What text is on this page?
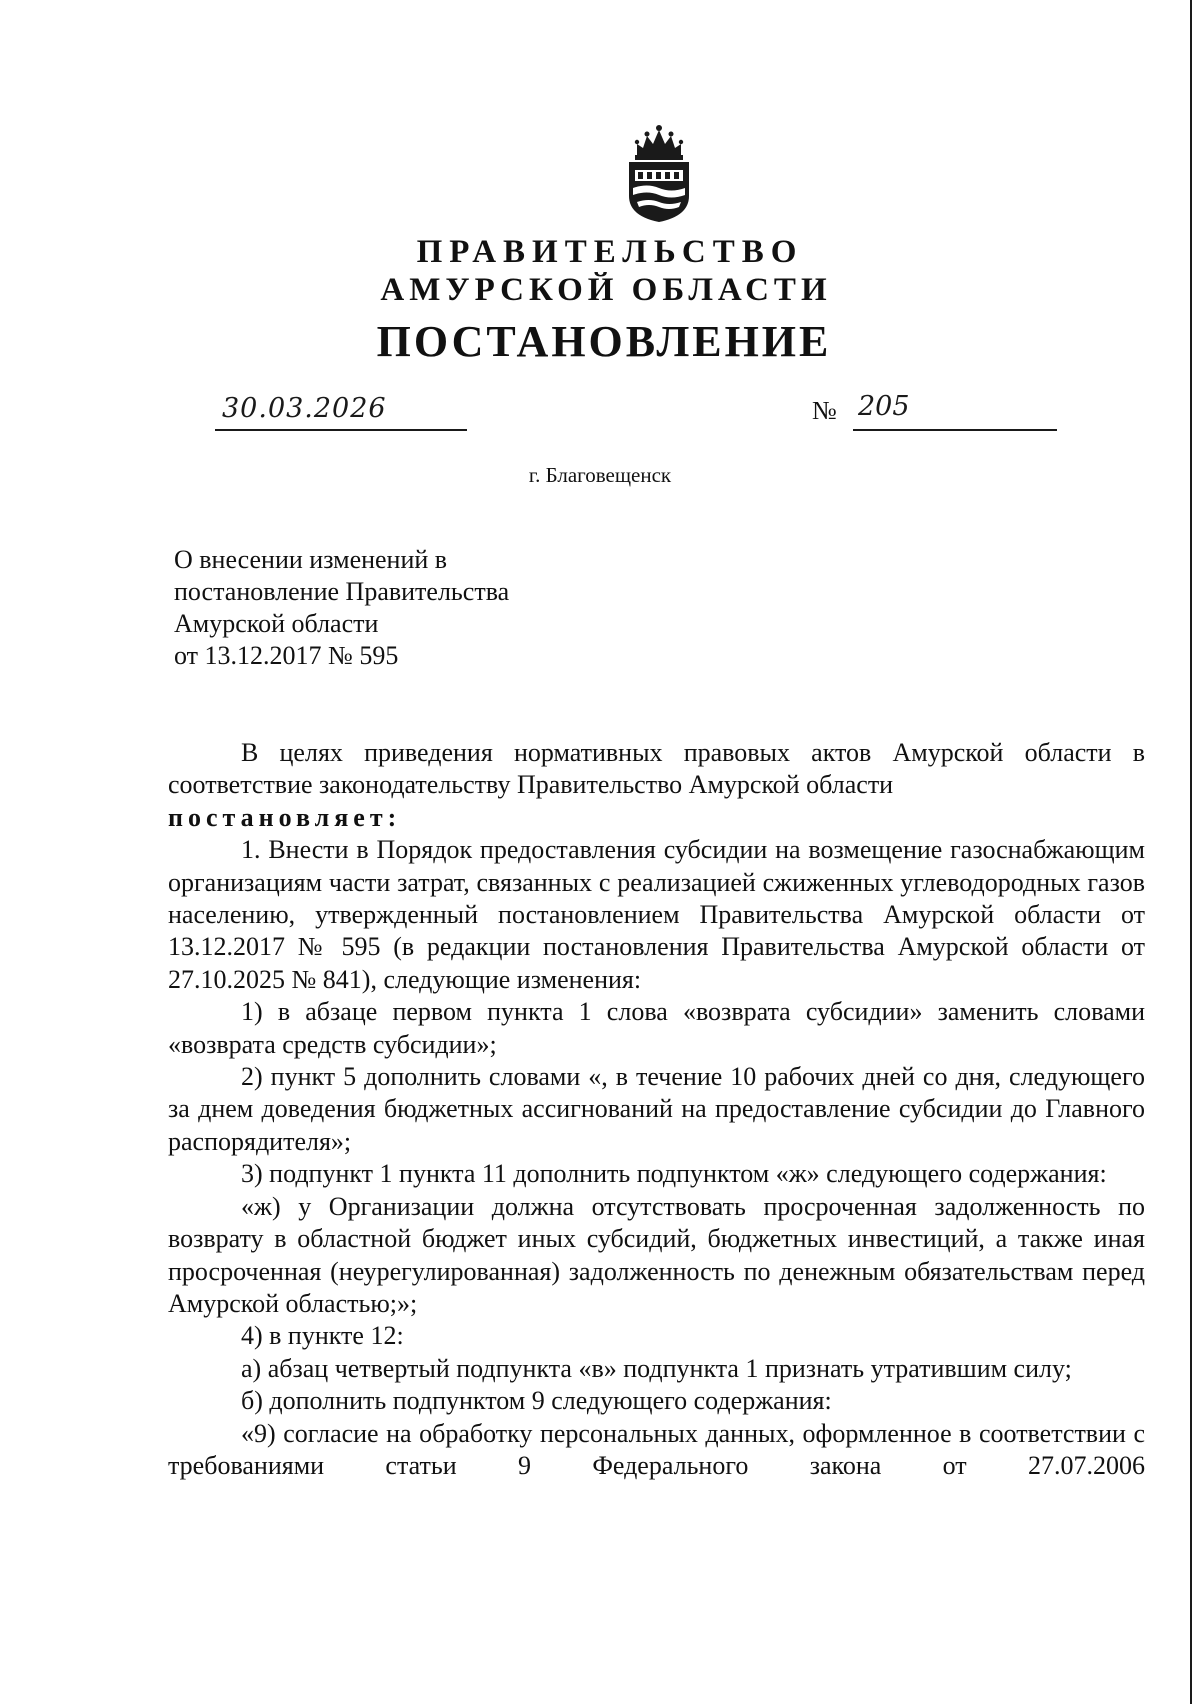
ПРАВИТЕЛЬСТВО
АМУРСКОЙ ОБЛАСТИ
ПОСТАНОВЛЕНИЕ
30.03.2026	№ 205
г. Благовещенск
О внесении изменений в
постановление Правительства
Амурской области
от 13.12.2017 № 595

В целях приведения нормативных правовых актов Амурской области в соответствие законодательству Правительство Амурской области

постановляет:

1. Внести в Порядок предоставления субсидии на возмещение газоснабжающим организациям части затрат, связанных с реализацией сжиженных углеводородных газов населению, утвержденный постановлением Правительства Амурской области от 13.12.2017 № 595 (в редакции постановления Правительства Амурской области от 27.10.2025 № 841), следующие изменения:

1) в абзаце первом пункта 1 слова «возврата субсидии» заменить словами «возврата средств субсидии»;

2) пункт 5 дополнить словами «, в течение 10 рабочих дней со дня, следующего за днем доведения бюджетных ассигнований на предоставление субсидии до Главного распорядителя»;

3) подпункт 1 пункта 11 дополнить подпунктом «ж» следующего содержания:

«ж) у Организации должна отсутствовать просроченная задолженность по возврату в областной бюджет иных субсидий, бюджетных инвестиций, а также иная просроченная (неурегулированная) задолженность по денежным обязательствам перед Амурской областью;»;

4) в пункте 12:

а) абзац четвертый подпункта «в» подпункта 1 признать утратившим силу;

б) дополнить подпунктом 9 следующего содержания:

«9) согласие на обработку персональных данных, оформленное в соответствии с требованиями статьи 9 Федерального закона от 27.07.2006
